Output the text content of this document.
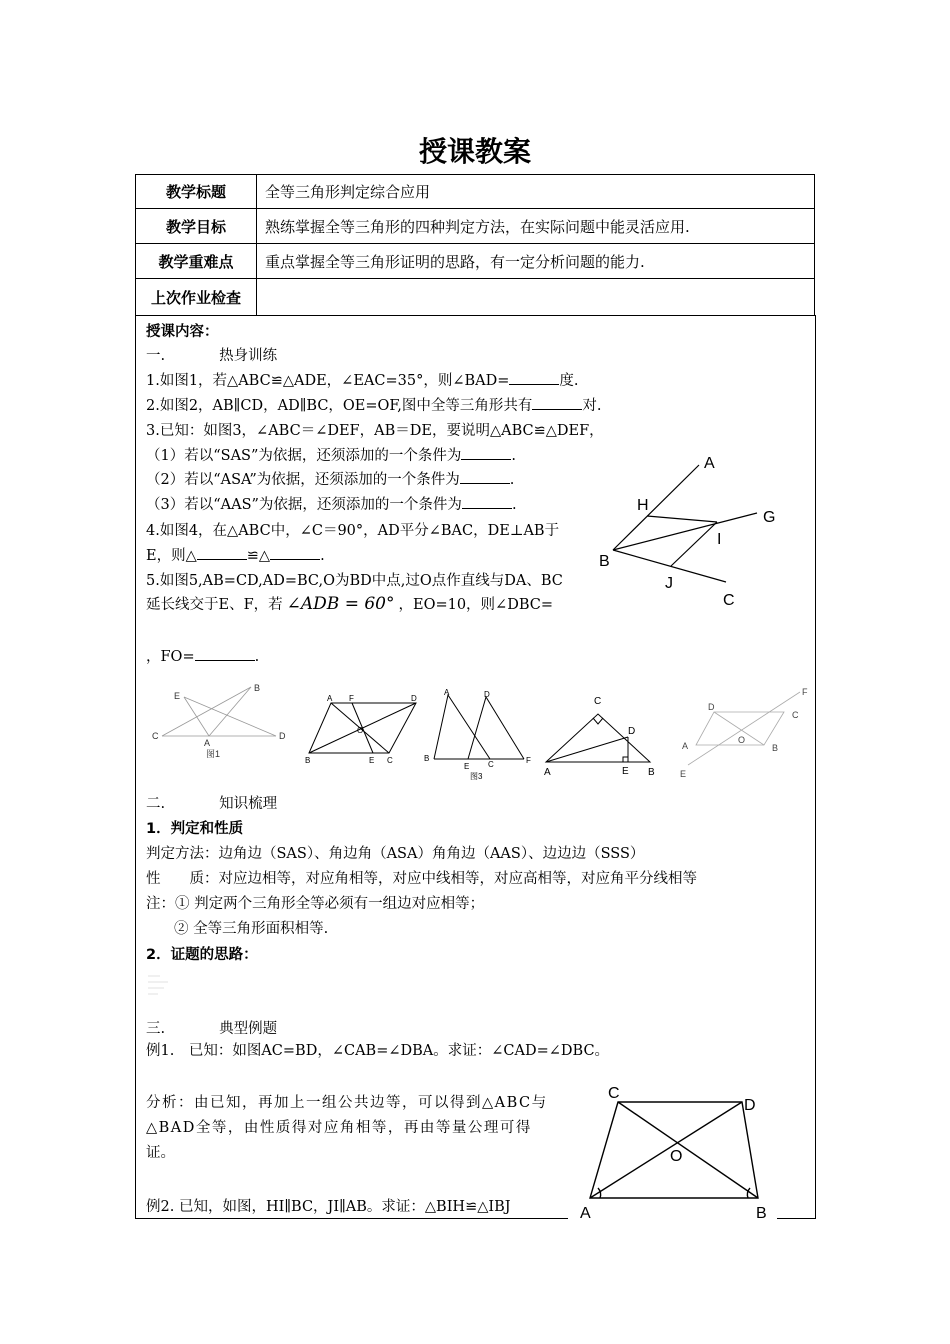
授课教案
教学标题	全等三角形判定综合应用
教学目标	熟练掌握全等三角形的四种判定方法，在实际问题中能灵活应用.
教学重难点	重点掌握全等三角形证明的思路，有一定分析问题的能力.
上次作业检查	
授课内容：
一.	热身训练
1.如图1，若△ABC≌△ADE，∠EAC=35°，则∠BAD=	度.
2.如图2，AB∥CD，AD∥BC，OE=OF,图中全等三角形共有	对.
3.已知：如图3，∠ABC＝∠DEF，AB＝DE，要说明△ABC≌△DEF，
（1）若以“SAS”为依据，还须添加的一个条件为	.
（2）若以“ASA”为依据，还须添加的一个条件为	.
（3）若以“AAS”为依据，还须添加的一个条件为	.
4.如图4，在△ABC中，∠C＝90°，AD平分∠BAC，DE⊥AB于
E，则△	≌△	.
5.如图5,AB=CD,AD=BC,O为BD中点,过O点作直线与DA、BC
延长线交于E、F，若 ∠ADB = 60° ，EO=10，则∠DBC=
，FO=	.
A
H
G
I
B
J
C
E
B
C
A
D
图1
A F	D
O
B	E C
A	D
B
E C	F
图3
C
D
A	E B
F
D
C
A
O
B
E
二.	知识梳理
1．判定和性质
判定方法：边角边（SAS）、角边角（ASA）角角边（AAS）、边边边（SSS）
性　　质：对应边相等，对应角相等，对应中线相等，对应高相等，对应角平分线相等
注：① 判定两个三角形全等必须有一组边对应相等；
② 全等三角形面积相等.
2．证题的思路：
三.	典型例题
例1.　已知：如图AC=BD，∠CAB=∠DBA。求证：∠CAD=∠DBC。
分析：由已知，再加上一组公共边等，可以得到△ABC与
△BAD全等，由性质得对应角相等，再由等量公理可得
证。
例2. 已知，如图，HI∥BC，JI∥AB。求证：△BIH≌△IBJ
C
D
O
A	B
